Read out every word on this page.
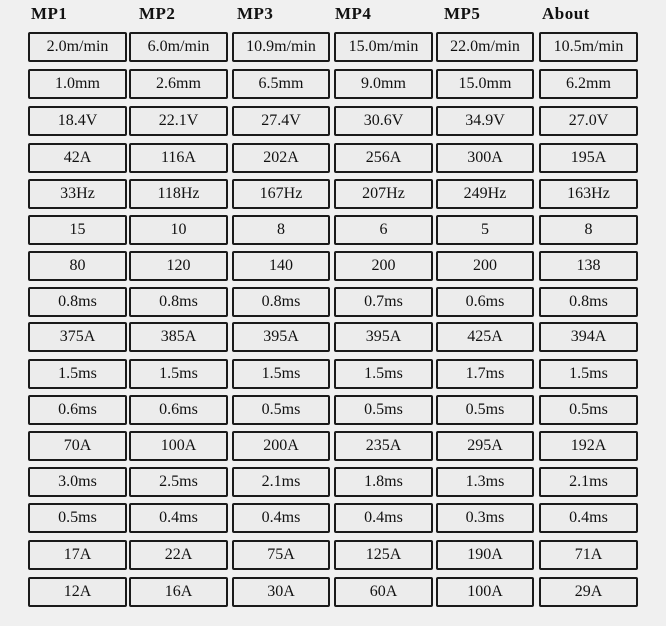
MP1	MP2	MP3	MP4	MP5	About
2.0m/min	6.0m/min	10.9m/min	15.0m/min	22.0m/min	10.5m/min
1.0mm	2.6mm	6.5mm	9.0mm	15.0mm	6.2mm
18.4V	22.1V	27.4V	30.6V	34.9V	27.0V
42A	116A	202A	256A	300A	195A
33Hz	118Hz	167Hz	207Hz	249Hz	163Hz
15	10	8	6	5	8
80	120	140	200	200	138
0.8ms	0.8ms	0.8ms	0.7ms	0.6ms	0.8ms
375A	385A	395A	395A	425A	394A
1.5ms	1.5ms	1.5ms	1.5ms	1.7ms	1.5ms
0.6ms	0.6ms	0.5ms	0.5ms	0.5ms	0.5ms
70A	100A	200A	235A	295A	192A
3.0ms	2.5ms	2.1ms	1.8ms	1.3ms	2.1ms
0.5ms	0.4ms	0.4ms	0.4ms	0.3ms	0.4ms
17A	22A	75A	125A	190A	71A
12A	16A	30A	60A	100A	29A
